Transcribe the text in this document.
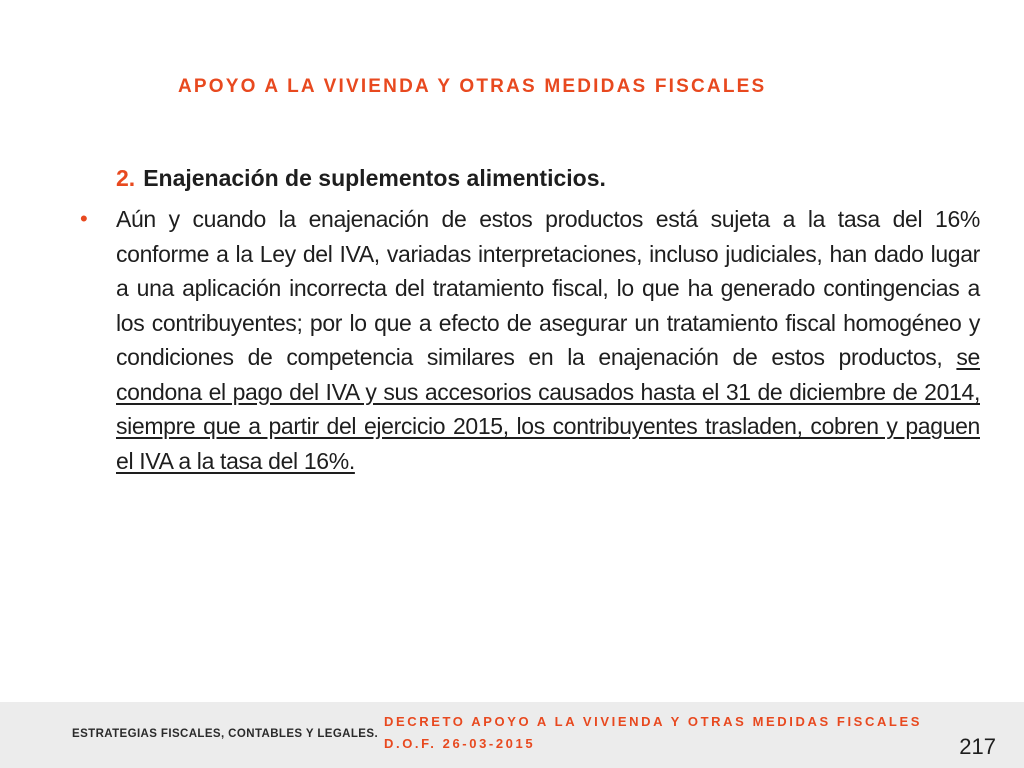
APOYO A LA VIVIENDA Y OTRAS MEDIDAS FISCALES
2. Enajenación de suplementos alimenticios.
• Aún y cuando la enajenación de estos productos está sujeta a la tasa del 16% conforme a la Ley del IVA, variadas interpretaciones, incluso judiciales, han dado lugar a una aplicación incorrecta del tratamiento fiscal, lo que ha generado contingencias a los contribuyentes; por lo que a efecto de asegurar un tratamiento fiscal homogéneo y condiciones de competencia similares en la enajenación de estos productos, se condona el pago del IVA y sus accesorios causados hasta el 31 de diciembre de 2014, siempre que a partir del ejercicio 2015, los contribuyentes trasladen, cobren y paguen el IVA a la tasa del 16%.
ESTRATEGIAS FISCALES, CONTABLES Y LEGALES.
DECRETO APOYO A LA VIVIENDA Y OTRAS MEDIDAS FISCALES
D.O.F. 26-03-2015	217
